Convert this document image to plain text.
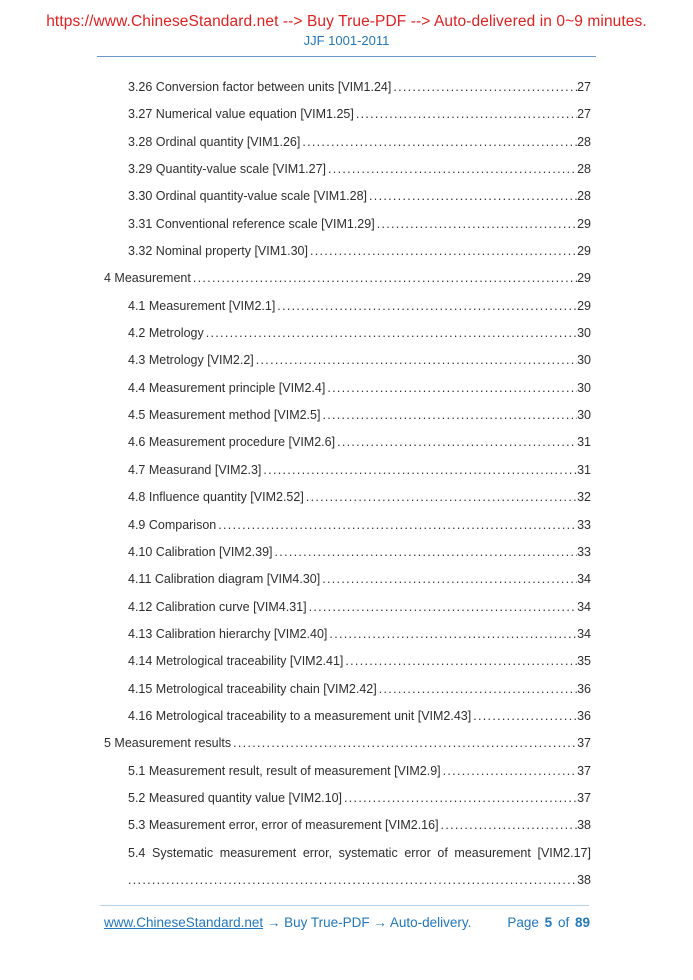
https://www.ChineseStandard.net --> Buy True-PDF --> Auto-delivered in 0~9 minutes.
JJF 1001-2011
3.26 Conversion factor between units [VIM1.24] .....	27
3.27 Numerical value equation [VIM1.25] .....	27
3.28 Ordinal quantity [VIM1.26] .....	28
3.29 Quantity-value scale [VIM1.27] .....	28
3.30 Ordinal quantity-value scale [VIM1.28] .....	28
3.31 Conventional reference scale [VIM1.29] .....	29
3.32 Nominal property [VIM1.30] .....	29
4 Measurement .....	29
4.1 Measurement [VIM2.1] .....	29
4.2 Metrology .....	30
4.3 Metrology [VIM2.2] .....	30
4.4 Measurement principle [VIM2.4] .....	30
4.5 Measurement method [VIM2.5] .....	30
4.6 Measurement procedure [VIM2.6] .....	31
4.7 Measurand [VIM2.3] .....	31
4.8 Influence quantity [VIM2.52] .....	32
4.9 Comparison .....	33
4.10 Calibration [VIM2.39] .....	33
4.11 Calibration diagram [VIM4.30] .....	34
4.12 Calibration curve [VIM4.31] .....	34
4.13 Calibration hierarchy [VIM2.40] .....	34
4.14 Metrological traceability [VIM2.41] .....	35
4.15 Metrological traceability chain [VIM2.42] .....	36
4.16 Metrological traceability to a measurement unit [VIM2.43] .....	36
5 Measurement results .....	37
5.1 Measurement result, result of measurement [VIM2.9] .....	37
5.2 Measured quantity value [VIM2.10] .....	37
5.3 Measurement error, error of measurement [VIM2.16] .....	38
5.4 Systematic measurement error, systematic error of measurement [VIM2.17]
.....
38
www.ChineseStandard.net → Buy True-PDF → Auto-delivery.	Page 5 of 89
